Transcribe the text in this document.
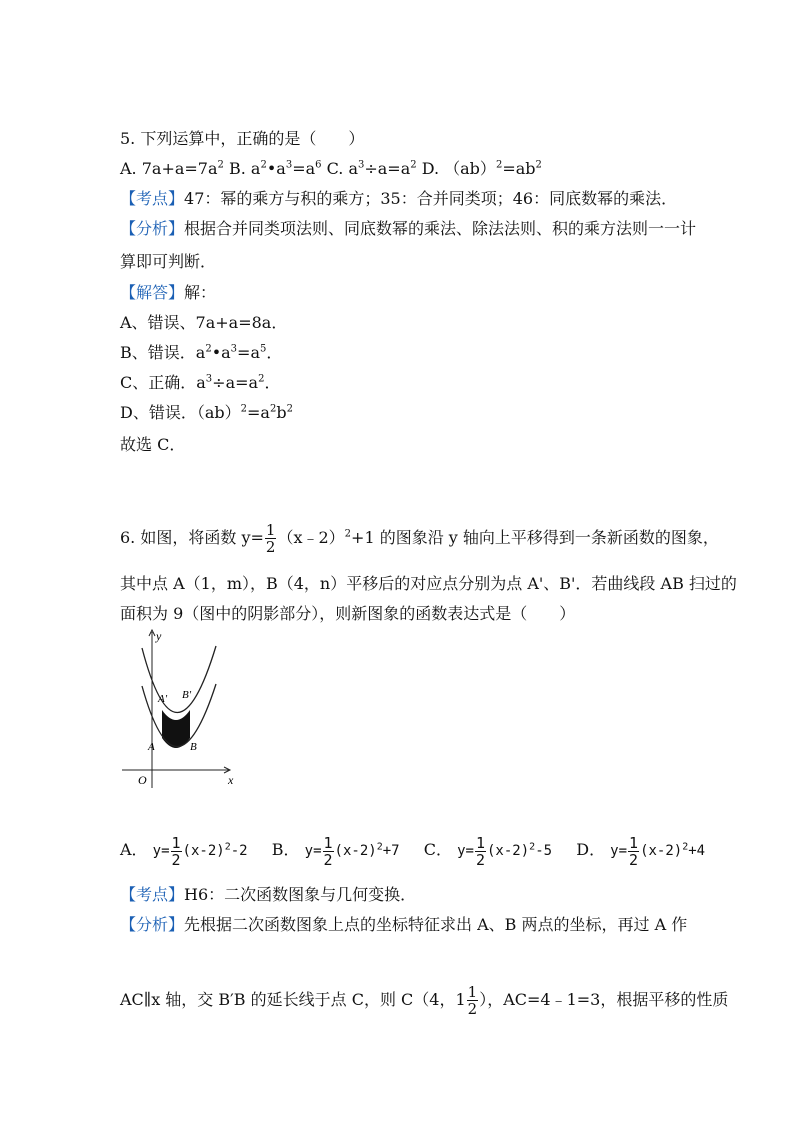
5. 下列运算中，正确的是（　　）
A. $7a+a=7a^2$ B. $a^2•a^3=a^6$ C. $a^3\div a=a^2$ D. $(ab)^2=ab^2$
【考点】47：幂的乘方与积的乘方；35：合并同类项；46：同底数幂的乘法．
【分析】根据合并同类项法则、同底数幂的乘法、除法法则、积的乘方法则一一计
算即可判断．
【解答】解：
A、错误、7a+a=8a．
B、错误．$a^2•a^3=a^5$．
C、正确．$a^3\div a=a^2$．
D、错误．$(ab)^2=a^2b^2$
故选 C．
6. 如图，将函数 $y= \frac{1}{2}$ （x﹣2）$^2$+1 的图象沿 y 轴向上平移得到一条新函数的图象，
其中点 A（1，m），B（4，n）平移后的对应点分别为点 A'、B'．若曲线段 AB 扫过的
面积为 9（图中的阴影部分），则新图象的函数表达式是（　　）
y
x
O
A' B'
A	B
A． $y= \frac{1}{2} (x-2)^2-2$ B． $y= \frac{1}{2} (x-2)^2+7$ C． $y= \frac{1}{2} (x-2)^2-5$ D． $y= \frac{1}{2} (x-2)^2+4$
【考点】H6：二次函数图象与几何变换．
【分析】先根据二次函数图象上点的坐标特征求出 A、B 两点的坐标，再过 A 作
AC∥x 轴，交 B′B 的延长线于点 C，则 C（4，$1 \frac{1}{2}$ ），AC=4﹣1=3，根据平移的性质
